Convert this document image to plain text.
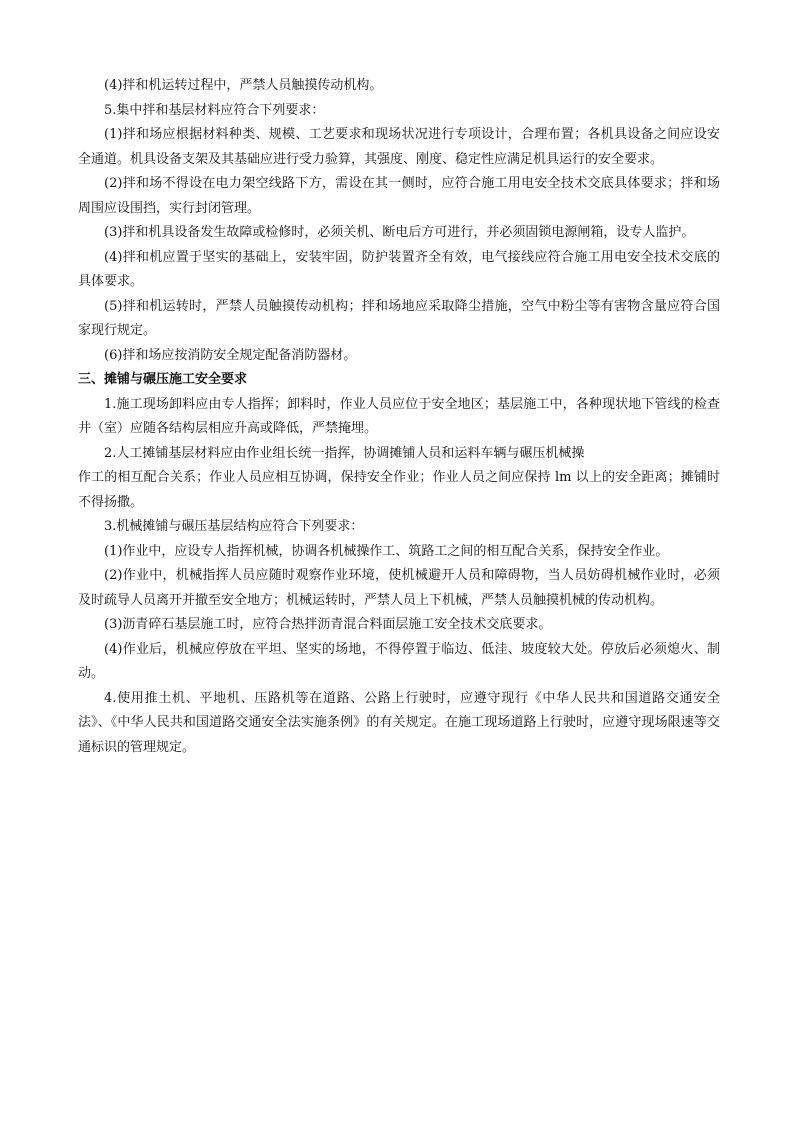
(4)拌和机运转过程中，严禁人员触摸传动机构。

5.集中拌和基层材料应符合下列要求：

(1)拌和场应根据材料种类、规模、工艺要求和现场状况进行专项设计，合理布置；各机具设备之间应设安全通道。机具设备支架及其基础应进行受力验算，其强度、刚度、稳定性应满足机具运行的安全要求。

(2)拌和场不得设在电力架空线路下方，需设在其一侧时，应符合施工用电安全技术交底具体要求；拌和场周围应设围挡，实行封闭管理。

(3)拌和机具设备发生故障或检修时，必须关机、断电后方可进行，并必须固锁电源闸箱，设专人监护。

(4)拌和机应置于坚实的基础上，安装牢固，防护装置齐全有效，电气接线应符合施工用电安全技术交底的具体要求。

(5)拌和机运转时，严禁人员触摸传动机构；拌和场地应采取降尘措施，空气中粉尘等有害物含量应符合国家现行规定。

(6)拌和场应按消防安全规定配备消防器材。

三、摊铺与碾压施工安全要求

1.施工现场卸料应由专人指挥；卸料时，作业人员应位于安全地区；基层施工中，各种现状地下管线的检查井（室）应随各结构层相应升高或降低，严禁掩埋。

2.人工摊铺基层材料应由作业组长统一指挥，协调摊铺人员和运料车辆与碾压机械操

作工的相互配合关系；作业人员应相互协调，保持安全作业；作业人员之间应保持 lm 以上的安全距离；摊铺时不得扬撒。

3.机械摊铺与碾压基层结构应符合下列要求：

(1)作业中，应设专人指挥机械，协调各机械操作工、筑路工之间的相互配合关系，保持安全作业。

(2)作业中，机械指挥人员应随时观察作业环境，使机械避开人员和障碍物，当人员妨碍机械作业时，必须及时疏导人员离开并撤至安全地方；机械运转时，严禁人员上下机械，严禁人员触摸机械的传动机构。

(3)沥青碎石基层施工时，应符合热拌沥青混合料面层施工安全技术交底要求。

(4)作业后，机械应停放在平坦、坚实的场地，不得停置于临边、低洼、坡度较大处。停放后必须熄火、制动。

4.使用推土机、平地机、压路机等在道路、公路上行驶时，应遵守现行《中华人民共和国道路交通安全法》、《中华人民共和国道路交通安全法实施条例》的有关规定。在施工现场道路上行驶时，应遵守现场限速等交通标识的管理规定。
